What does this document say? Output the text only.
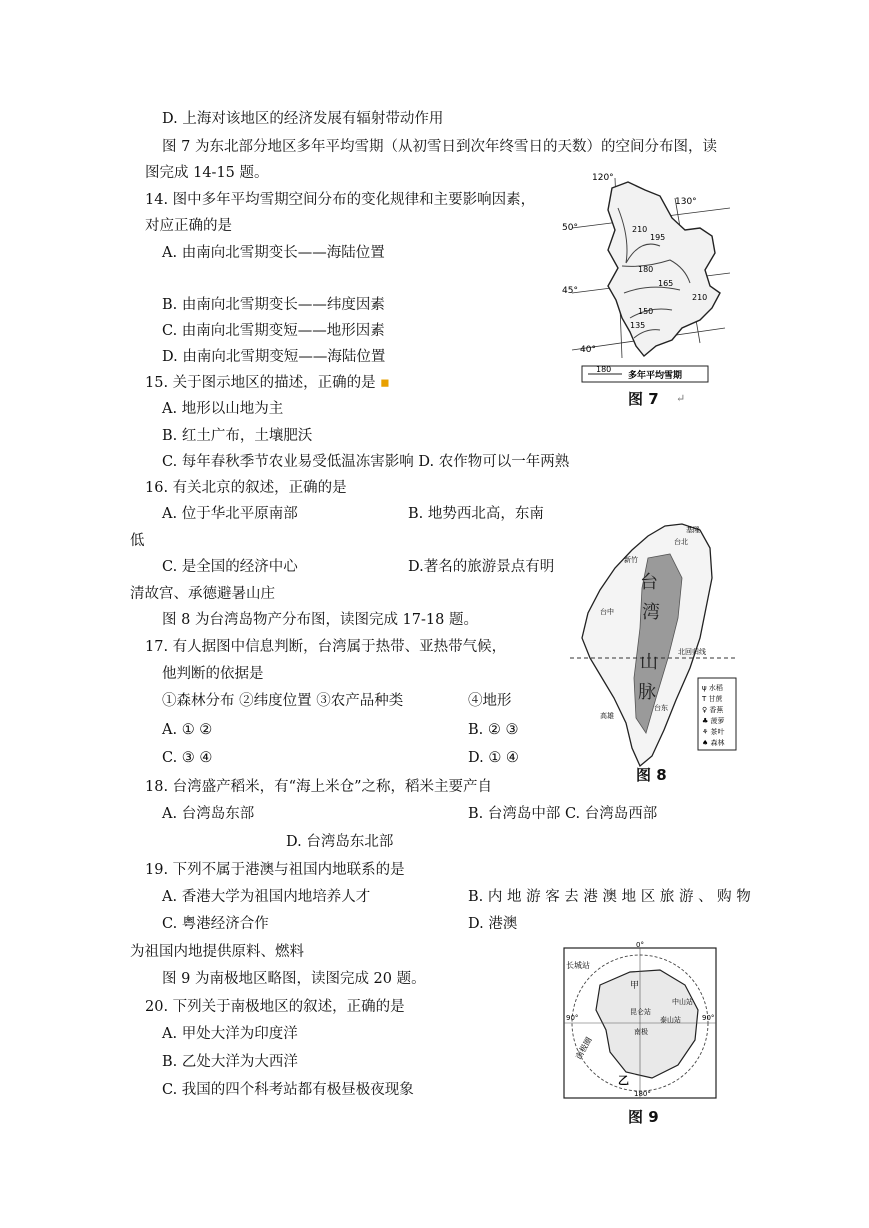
D. 上海对该地区的经济发展有辐射带动作用
图 7 为东北部分地区多年平均雪期（从初雪日到次年终雪日的天数）的空间分布图，读
图完成 14-15 题。
14. 图中多年平均雪期空间分布的变化规律和主要影响因素，
对应正确的是
A. 由南向北雪期变长——海陆位置
B. 由南向北雪期变长——纬度因素
C. 由南向北雪期变短——地形因素
D. 由南向北雪期变短——海陆位置
15. 关于图示地区的描述，正确的是 ▪
A. 地形以山地为主
B. 红土广布，土壤肥沃
C. 每年春秋季节农业易受低温冻害影响 D. 农作物可以一年两熟
16. 有关北京的叙述，正确的是
A. 位于华北平原南部	B. 地势西北高，东南
低
C. 是全国的经济中心	D.著名的旅游景点有明
清故宫、承德避暑山庄
图 8 为台湾岛物产分布图，读图完成 17-18 题。
17. 有人据图中信息判断，台湾属于热带、亚热带气候，
他判断的依据是
①森林分布 ②纬度位置 ③农产品种类	④地形
A. ① ②	B. ② ③
C. ③ ④	D. ① ④
18. 台湾盛产稻米，有“海上米仓”之称，稻米主要产自
A. 台湾岛东部	B. 台湾岛中部 C. 台湾岛西部
D. 台湾岛东北部
19. 下列不属于港澳与祖国内地联系的是
A. 香港大学为祖国内地培养人才	B. 内 地 游 客 去 港 澳 地 区 旅 游 、 购 物
C. 粤港经济合作	D. 港澳
为祖国内地提供原料、燃料
图 9 为南极地区略图，读图完成 20 题。
20. 下列关于南极地区的叙述，正确的是
A. 甲处大洋为印度洋
B. 乙处大洋为大西洋
C. 我国的四个科考站都有极昼极夜现象
120°
130°
50°
45°
40°
210
195
180
165
150
135
210
180
多年平均雪期
图 7 ↵
北回归线
台
湾
山
脉
基隆
台北
新竹
台中
高雄
台东
ψ 水稻
T 甘蔗
♀ 香蕉
♣ 菠萝
⚘ 茶叶
♠ 森林
图 8
0°
90°	90°
180°
长城站
昆仑站
泰山站
中山站
南极
南极圈
甲
乙
图 9
